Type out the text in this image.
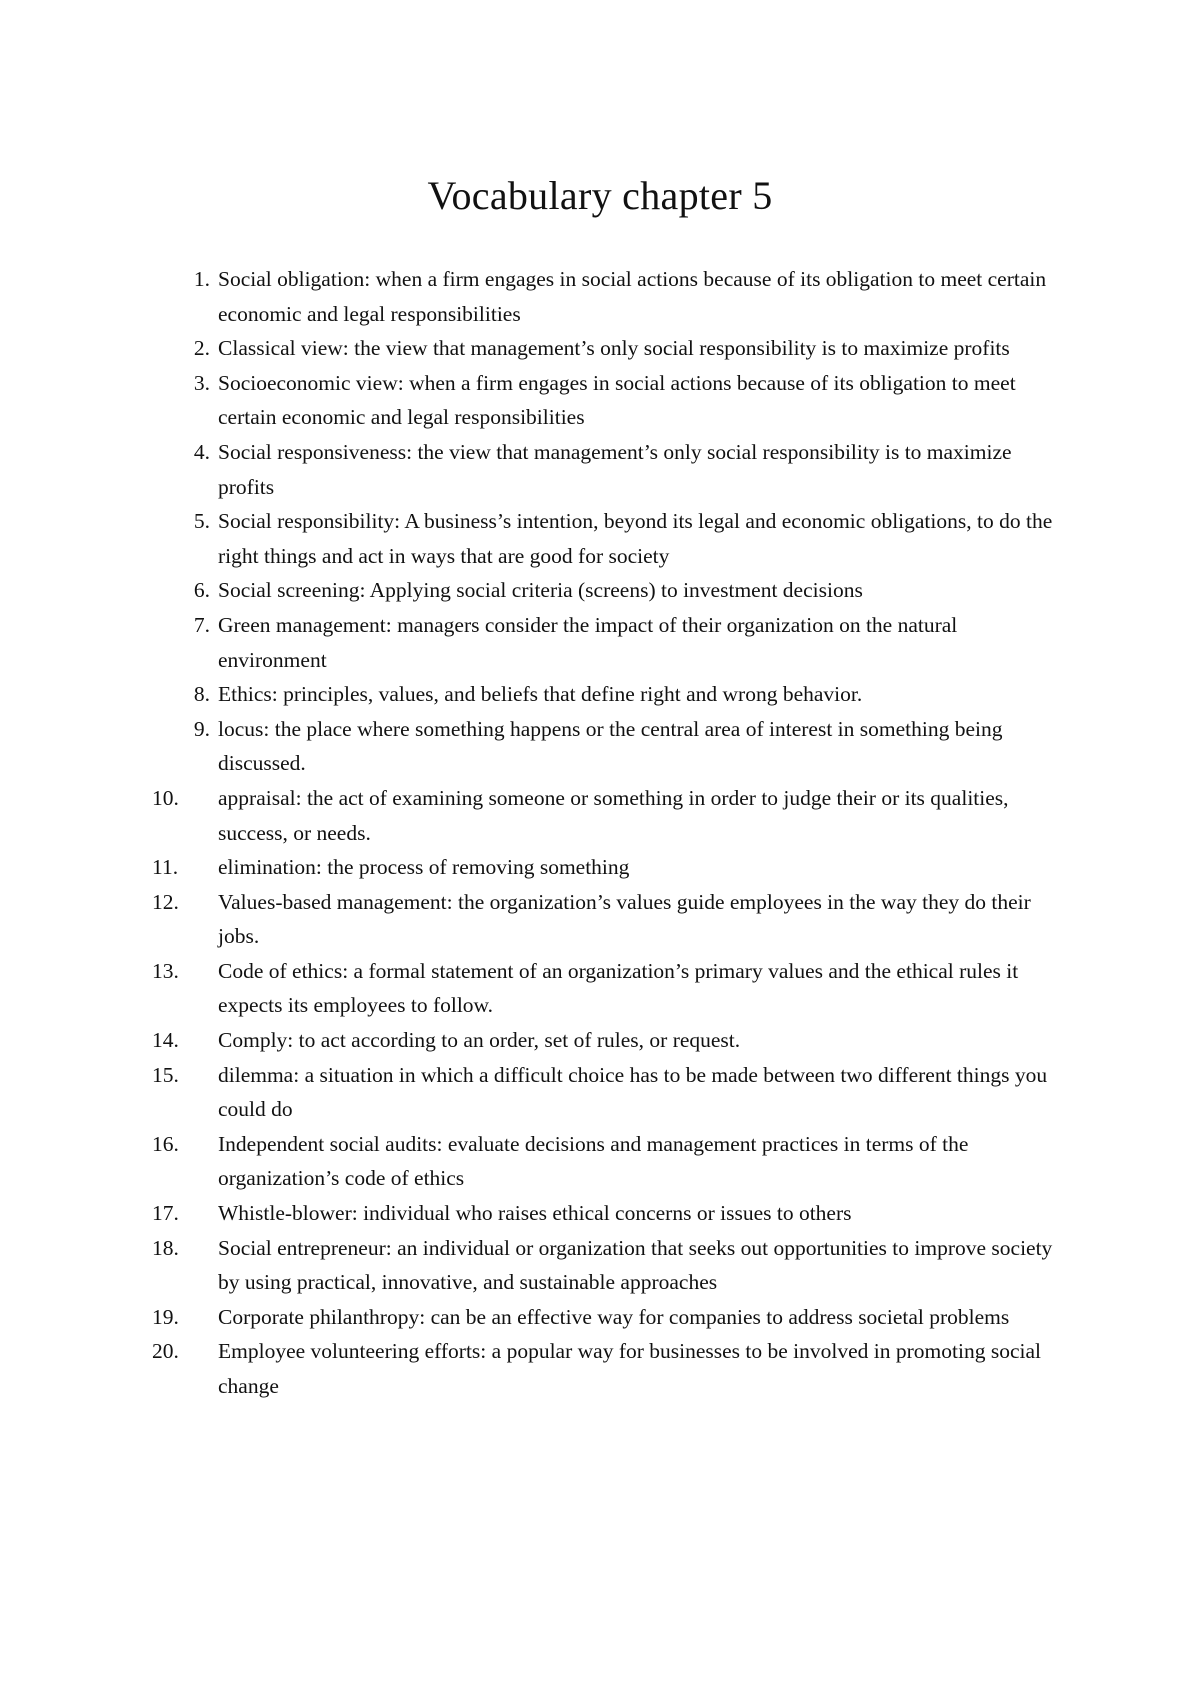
Vocabulary chapter 5
1. Social obligation: when a firm engages in social actions because of its obligation to meet certain economic and legal responsibilities
2. Classical view: the view that management’s only social responsibility is to maximize profits
3. Socioeconomic view: when a firm engages in social actions because of its obligation to meet certain economic and legal responsibilities
4. Social responsiveness: the view that management’s only social responsibility is to maximize profits
5. Social responsibility: A business’s intention, beyond its legal and economic obligations, to do the right things and act in ways that are good for society
6. Social screening: Applying social criteria (screens) to investment decisions
7. Green management: managers consider the impact of their organization on the natural environment
8. Ethics: principles, values, and beliefs that define right and wrong behavior.
9. locus: the place where something happens or the central area of interest in something being discussed.
10.	appraisal: the act of examining someone or something in order to judge their or its qualities, success, or needs.
11.	elimination: the process of removing something
12.	Values-based management: the organization’s values guide employees in the way they do their jobs.
13.	Code of ethics: a formal statement of an organization’s primary values and the ethical rules it expects its employees to follow.
14.	Comply: to act according to an order, set of rules, or request.
15.	dilemma: a situation in which a difficult choice has to be made between two different things you could do
16.	Independent social audits: evaluate decisions and management practices in terms of the organization’s code of ethics
17.	Whistle-blower: individual who raises ethical concerns or issues to others
18.	Social entrepreneur: an individual or organization that seeks out opportunities to improve society by using practical, innovative, and sustainable approaches
19.	Corporate philanthropy: can be an effective way for companies to address societal problems
20.	Employee volunteering efforts: a popular way for businesses to be involved in promoting social change
